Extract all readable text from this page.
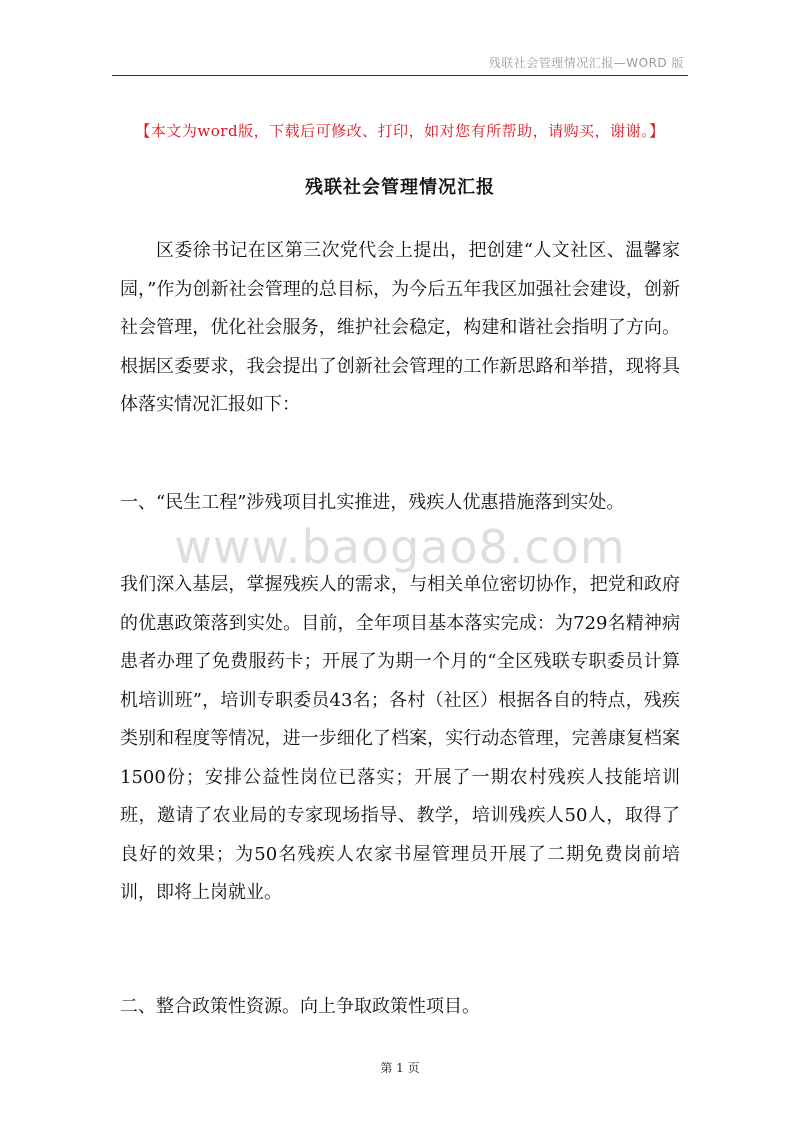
残联社会管理情况汇报—WORD 版
【本文为word版，下载后可修改、打印，如对您有所帮助，请购买，谢谢。】
残联社会管理情况汇报

区委徐书记在区第三次党代会上提出，把创建“人文社区、温馨家园，”作为创新社会管理的总目标，为今后五年我区加强社会建设，创新社会管理，优化社会服务，维护社会稳定，构建和谐社会指明了方向。根据区委要求，我会提出了创新社会管理的工作新思路和举措，现将具体落实情况汇报如下：

一、“民生工程”涉残项目扎实推进，残疾人优惠措施落到实处。

www.baogao8.com

我们深入基层，掌握残疾人的需求，与相关单位密切协作，把党和政府的优惠政策落到实处。目前，全年项目基本落实完成：为729名精神病患者办理了免费服药卡；开展了为期一个月的“全区残联专职委员计算机培训班”，培训专职委员43名；各村（社区）根据各自的特点，残疾类别和程度等情况，进一步细化了档案，实行动态管理，完善康复档案1500份；安排公益性岗位已落实；开展了一期农村残疾人技能培训班，邀请了农业局的专家现场指导、教学，培训残疾人50人，取得了良好的效果；为50名残疾人农家书屋管理员开展了二期免费岗前培训，即将上岗就业。

二、整合政策性资源。向上争取政策性项目。

第 1 页
